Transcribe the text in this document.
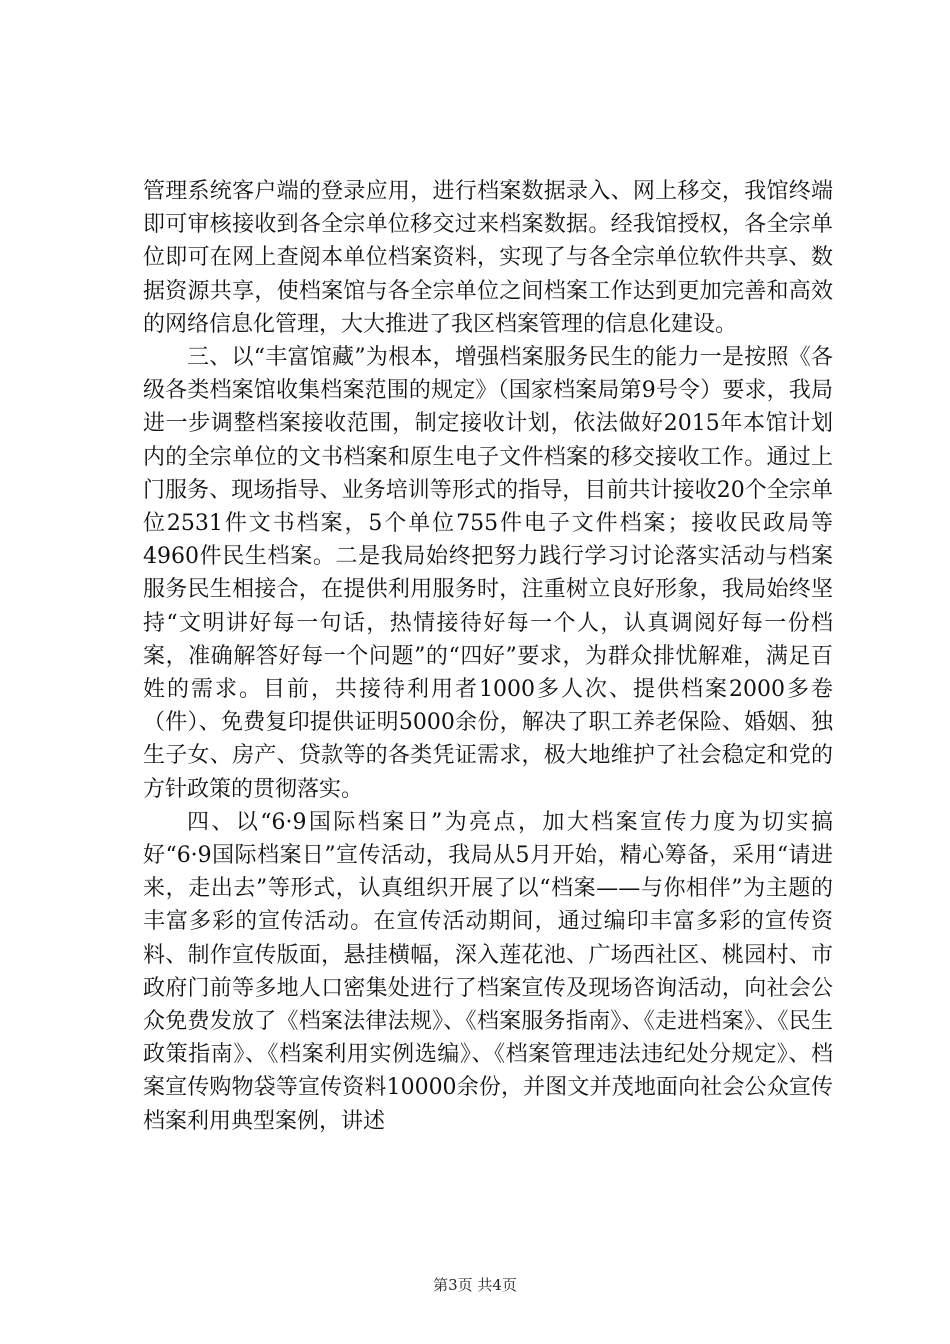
管理系统客户端的登录应用，进行档案数据录入、网上移交，我馆终端即可审核接收到各全宗单位移交过来档案数据。经我馆授权，各全宗单位即可在网上查阅本单位档案资料，实现了与各全宗单位软件共享、数据资源共享，使档案馆与各全宗单位之间档案工作达到更加完善和高效的网络信息化管理，大大推进了我区档案管理的信息化建设。

三、以“丰富馆藏”为根本，增强档案服务民生的能力一是按照《各级各类档案馆收集档案范围的规定》（国家档案局第9号令）要求，我局进一步调整档案接收范围，制定接收计划，依法做好2015年本馆计划内的全宗单位的文书档案和原生电子文件档案的移交接收工作。通过上门服务、现场指导、业务培训等形式的指导，目前共计接收20个全宗单位2531件文书档案，5个单位755件电子文件档案；接收民政局等4960件民生档案。二是我局始终把努力践行学习讨论落实活动与档案服务民生相接合，在提供利用服务时，注重树立良好形象，我局始终坚持“文明讲好每一句话，热情接待好每一个人，认真调阅好每一份档案，准确解答好每一个问题”的“四好”要求，为群众排忧解难，满足百姓的需求。目前，共接待利用者1000多人次、提供档案2000多卷（件）、免费复印提供证明5000余份，解决了职工养老保险、婚姻、独生子女、房产、贷款等的各类凭证需求，极大地维护了社会稳定和党的方针政策的贯彻落实。

四、以“6·9国际档案日”为亮点，加大档案宣传力度为切实搞好“6·9国际档案日”宣传活动，我局从5月开始，精心筹备，采用“请进来，走出去”等形式，认真组织开展了以“档案——与你相伴”为主题的丰富多彩的宣传活动。在宣传活动期间，通过编印丰富多彩的宣传资料、制作宣传版面，悬挂横幅，深入莲花池、广场西社区、桃园村、市政府门前等多地人口密集处进行了档案宣传及现场咨询活动，向社会公众免费发放了《档案法律法规》、《档案服务指南》、《走进档案》、《民生政策指南》、《档案利用实例选编》、《档案管理违法违纪处分规定》、档案宣传购物袋等宣传资料10000余份，并图文并茂地面向社会公众宣传档案利用典型案例，讲述

第3页 共4页
